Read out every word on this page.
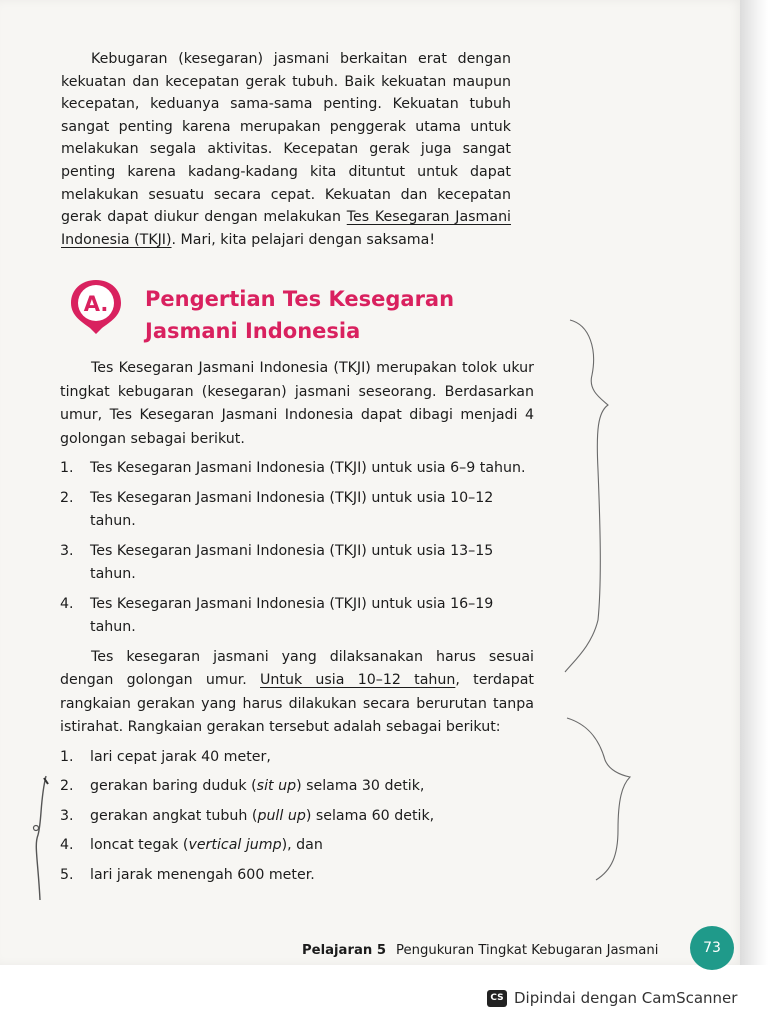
Kebugaran (kesegaran) jasmani berkaitan erat dengan kekuatan dan kecepatan gerak tubuh. Baik kekuatan maupun kecepatan, keduanya sama-sama penting. Kekuatan tubuh sangat penting karena merupakan penggerak utama untuk melakukan segala aktivitas. Kecepatan gerak juga sangat penting karena kadang-kadang kita dituntut untuk dapat melakukan sesuatu secara cepat. Kekuatan dan kecepatan gerak dapat diukur dengan melakukan Tes Kesegaran Jasmani Indonesia (TKJI). Mari, kita pelajari dengan saksama!
A. Pengertian Tes Kesegaran Jasmani Indonesia

Tes Kesegaran Jasmani Indonesia (TKJI) merupakan tolok ukur tingkat kebugaran (kesegaran) jasmani seseorang. Berdasarkan umur, Tes Kesegaran Jasmani Indonesia dapat dibagi menjadi 4 golongan sebagai berikut.

1. Tes Kesegaran Jasmani Indonesia (TKJI) untuk usia 6–9 tahun.
2. Tes Kesegaran Jasmani Indonesia (TKJI) untuk usia 10–12 tahun.
3. Tes Kesegaran Jasmani Indonesia (TKJI) untuk usia 13–15 tahun.
4. Tes Kesegaran Jasmani Indonesia (TKJI) untuk usia 16–19 tahun.

Tes kesegaran jasmani yang dilaksanakan harus sesuai dengan golongan umur. Untuk usia 10–12 tahun, terdapat rangkaian gerakan yang harus dilakukan secara berurutan tanpa istirahat. Rangkaian gerakan tersebut adalah sebagai berikut:

1. lari cepat jarak 40 meter,
2. gerakan baring duduk (sit up) selama 30 detik,
3. gerakan angkat tubuh (pull up) selama 60 detik,
4. loncat tegak (vertical jump), dan
5. lari jarak menengah 600 meter.
Pelajaran 5 Pengukuran Tingkat Kebugaran Jasmani	73
CS Dipindai dengan CamScanner
